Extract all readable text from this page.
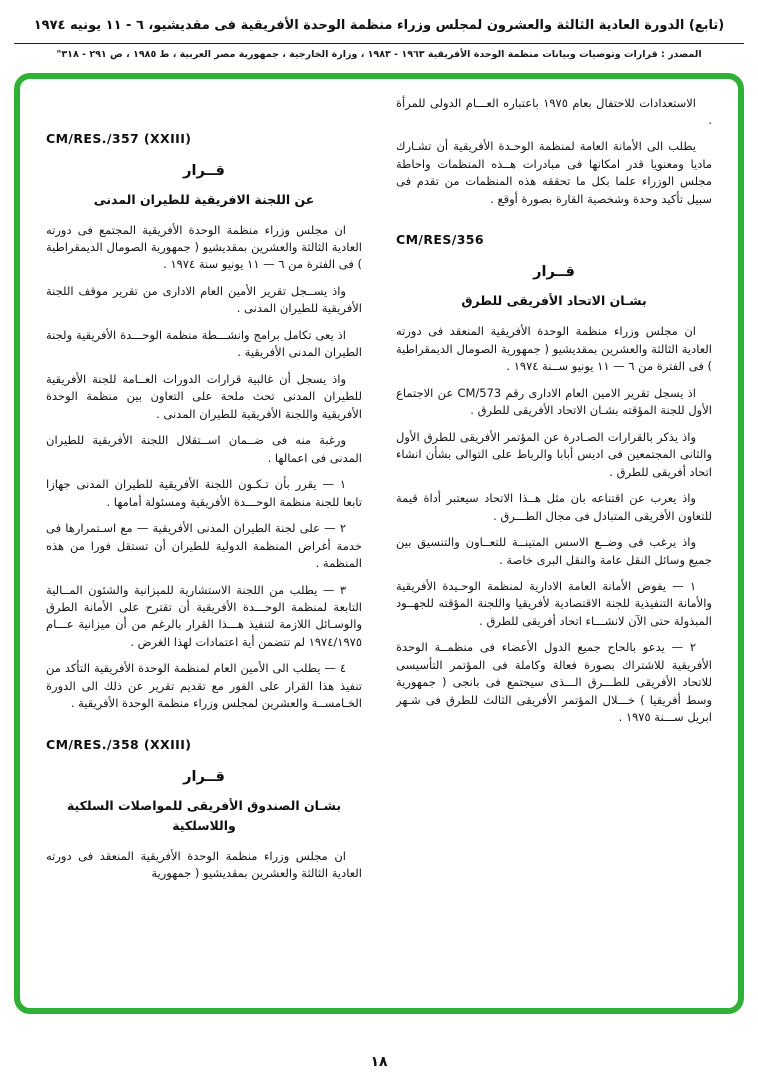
(تابع) الدورة العادية الثالثة والعشرون لمجلس وزراء منظمة الوحدة الأفريقية فى مقديشيو، ٦ - ١١ يونيه ١٩٧٤
المصدر : قرارات وتوصيات وبيانات منظمة الوحدة الأفريقية ١٩٦٣ - ١٩٨٣ ، وزارة الخارجية ، جمهورية مصر العربية ، ط ١٩٨٥ ، ص ٢٩١ - ٣١٨"
الاستعدادات للاحتفال بعام ١٩٧٥ باعتباره العـــام الدولى للمرأة .
يطلب الى الأمانة العامة لمنظمة الوحـدة الأفريقية أن تشـارك ماديا ومعنويا قدر امكانها فى مبادرات هــذه المنظمات واحاطة مجلس الوزراء علما بكل ما تحققه هذه المنظمات من تقدم فى سبيل تأكيد وحدة وشخصية القارة بصورة أوقع .
CM/RES/356
قــرار
بشـان الاتحاد الأفريقى للطرق
ان مجلس وزراء منظمة الوحدة الأفريقية المنعقد فى دورته العادية الثالثة والعشرين بمقديشيو ( جمهورية الصومال الديمقراطية ) فى الفترة من ٦ — ١١ يونيو ســنة ١٩٧٤ .
اذ يسجل تقرير الامين العام الادارى رقم CM/573 عن الاجتماع الأول للجنة المؤقته بشـان الاتحاد الأفريقى للطرق .
واذ يذكر بالقرارات الصـادرة عن المؤتمر الأفريقى للطرق الأول والثانى المجتمعين فى اديس أبابا والرباط على التوالى بشأن انشاء اتحاد أفريقى للطرق .
واذ يعرب عن اقتناعه بان مثل هــذا الاتحاد سيعتبر أداة قيمة للتعاون الأفريقى المتبادل فى مجال الطـــرق .
واذ يرغب فى وضــع الاسس المتينــة للتعــاون والتنسيق بين جميع وسائل النقل عامة والنقل البرى خاصة .
١ — يفوض الأمانة العامة الادارية لمنظمة الوحـيدة الأفريقية والأمانة التنفيذية للجنة الاقتصادية لأفريقيا واللجنة المؤقته للجهــود المبذولة حتى الآن لانشـــاء اتحاد أفريقى للطرق .
٢ — يدعو بالحاح جميع الدول الأعضاء فى منظمــة الوحدة الأفريقية للاشتراك بصورة فعالة وكاملة فى المؤتمر التأسيسى للاتحاد الأفريقى للطـــرق الـــذى سيجتمع فى بانجى ( جمهورية وسط أفريقيا ) خـــلال المؤتمر الأفريقى الثالث للطرق فى شـهر ابريل ســـنة ١٩٧٥ .
CM/RES./357 (XXIII)
قــرار
عن اللجنة الافريقية للطيران المدنى
ان مجلس وزراء منظمة الوحدة الأفريقية المجتمع فى دورته العادية الثالثة والعشرين بمقديشيو ( جمهورية الصومال الديمقراطية ) فى الفترة من ٦ — ١١ يونيو سنة ١٩٧٤ .
واذ يســجل تقرير الأمين العام الادارى من تقرير موقف اللجنة الأفريقية للطيران المدنى .
اذ يعى تكامل برامج وانشـــطة منظمة الوحـــدة الأفريقية ولجنة الطيران المدنى الأفريقية .
واذ يسجل أن غالبية قرارات الدورات العــامة للجنة الأفريقية للطيران المدنى تحث ملحة على التعاون بين منظمة الوحدة الأفريقية واللجنة الأفريقية للطيران المدنى .
ورغبة منه فى ضــمان اســتقلال اللجنة الأفريقية للطيران المدنى فى اعمالها .
١ — يقرر بأن تـكـون اللجنة الأفريقية للطيران المدنى جهازا تابعا للجنة منظمة الوحـــدة الأفريقية ومسئولة أمامها .
٢ — على لجنة الطيران المدنى الأفريقية — مع اسـتمرارها فى خدمة أغراض المنظمة الدولية للطيران أن تستقل فورا من هذه المنظمة .
٣ — يطلب من اللجنة الاستشارية للميزانية والشئون المــالية التابعة لمنظمة الوحـــدة الأفريقية أن تقترح على الأمانة الطرق والوسـائل اللازمة لتنفيذ هـــذا القرار بالرغم من أن ميزانية عـــام ١٩٧٤/١٩٧٥ لم تتضمن أية اعتمادات لهذا الغرض .
٤ — يطلب الى الأمين العام لمنظمة الوحدة الأفريقية التأكد من تنفيذ هذا القرار على الفور مع تقديم تقرير عن ذلك الى الدورة الخـامســة والعشرين لمجلس وزراء منظمة الوحدة الأفريقية .
CM/RES./358 (XXIII)
قــرار
بشـان الصندوق الأفريقى للمواصلات السلكية واللاسلكية
ان مجلس وزراء منظمة الوحدة الأفريقية المنعقد فى دورته العادية الثالثة والعشرين بمقديشيو ( جمهورية
١٨
